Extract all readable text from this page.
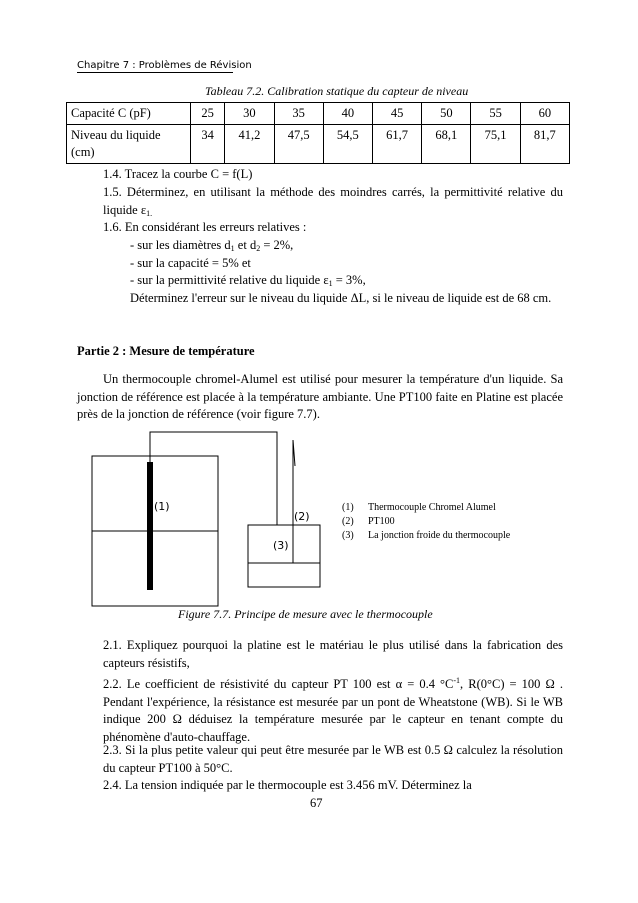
Chapitre 7 : Problèmes de Révision
Tableau 7.2. Calibration statique du capteur de niveau
Capacité C (pF)	25	30	35	40	45	50	55	60
Niveau du liquide
(cm)	34	41,2	47,5	54,5	61,7	68,1	75,1	81,7
1.4. Tracez la courbe C = f(L)
1.5. Déterminez, en utilisant la méthode des moindres carrés, la permittivité relative du liquide $\varepsilon_{1.}$
1.6. En considérant les erreurs relatives :
- sur les diamètres $d_1$ et $d_2 = 2\%$,
- sur la capacité = 5% et
- sur la permittivité relative du liquide $\varepsilon_1 = 3\%$,
Déterminez l'erreur sur le niveau du liquide ΔL, si le niveau de liquide est de 68 cm.
Partie 2 : Mesure de température
Un thermocouple chromel-Alumel est utilisé pour mesurer la température d'un liquide. Sa jonction de référence est placée à la température ambiante. Une PT100 faite en Platine est placée près de la jonction de référence (voir figure 7.7).
(1)
(2)
(3)
(1) Thermocouple Chromel Alumel
(2) PT100
(3) La jonction froide du thermocouple
Figure 7.7. Principe de mesure avec le thermocouple
2.1. Expliquez pourquoi la platine est le matériau le plus utilisé dans la fabrication des capteurs résistifs,
2.2. Le coefficient de résistivité du capteur PT 100 est α = 0.4 $^\circ C^{-1}$, R(0°C) = 100 Ω . Pendant l'expérience, la résistance est mesurée par un pont de Wheatstone (WB). Si le WB indique 200 Ω déduisez la température mesurée par le capteur en tenant compte du phénomène d'auto-chauffage.
2.3. Si la plus petite valeur qui peut être mesurée par le WB est 0.5 Ω calculez la résolution du capteur PT100 à 50°C.
2.4. La tension indiquée par le thermocouple est 3.456 mV. Déterminez la
67
